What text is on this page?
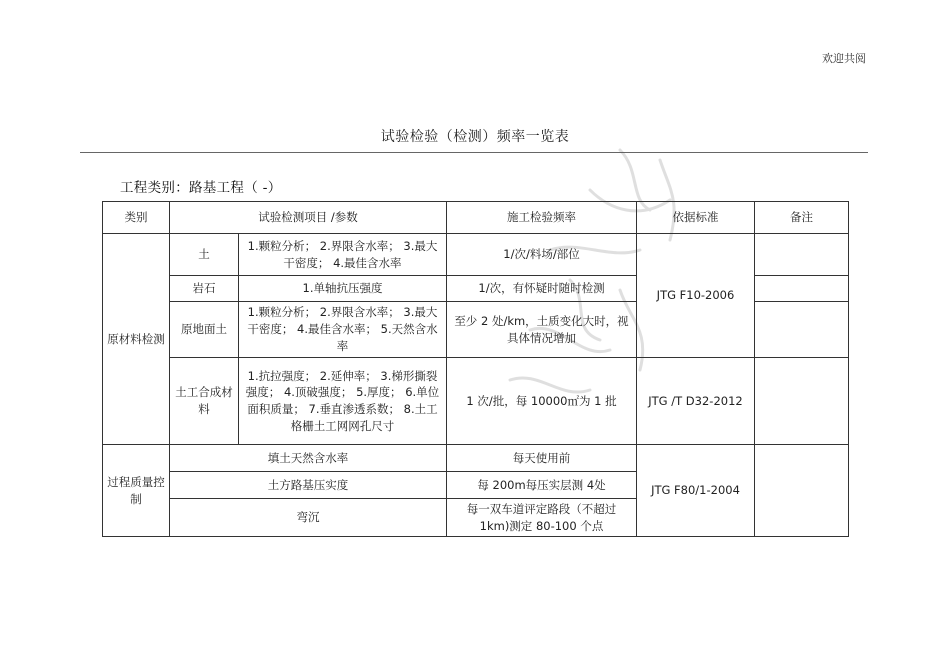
欢迎共阅
试验检验（检测）频率一览表
工程类别：路基工程（ -）
类别	试验检测项目 /参数		施工检验频率	依据标准	备注
原材料检测	土	1.颗粒分析； 2.界限含水率； 3.最大干密度； 4.最佳含水率	1/次/料场/部位	JTG F10-2006	
	岩石	1.单轴抗压强度	1/次，有怀疑时随时检测		
	原地面土	1.颗粒分析； 2.界限含水率； 3.最大干密度； 4.最佳含水率； 5.天然含水率	至少 2 处/km，土质变化大时，视具体情况增加		
	土工合成材料	1.抗拉强度； 2.延伸率； 3.梯形撕裂强度； 4.顶破强度； 5.厚度； 6.单位面积质量； 7.垂直渗透系数； 8.土工格栅土工网网孔尺寸	1 次/批，每 10000㎡为 1 批	JTG /T D32-2012	
过程质量控制	填土天然含水率		每天使用前	JTG F80/1-2004	
	土方路基压实度		每 200m每压实层测 4处		
	弯沉		每一双车道评定路段（不超过 1km)测定 80-100 个点		
